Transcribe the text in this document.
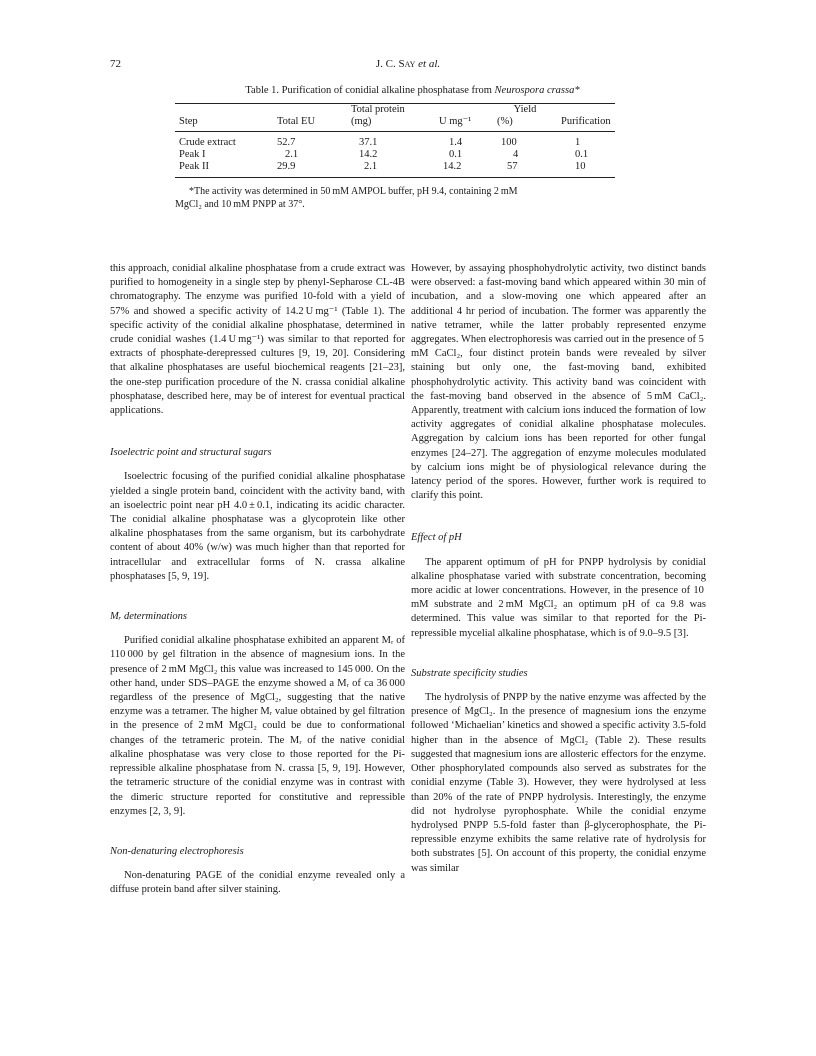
72	J. C. Say et al.
Table 1. Purification of conidial alkaline phosphatase from Neurospora crassa*

		Total protein		Yield	
Step	Total EU	(mg)	U mg⁻¹	(%)	Purification

Crude extract	52.7	37.1	1.4	100	1
Peak I	2.1	14.2	0.1	4	0.1
Peak II	29.9	2.1	14.2	57	10

*The activity was determined in 50 mM AMPOL buffer, pH 9.4, containing 2 mM
MgCl₂ and 10 mM PNPP at 37°.

this approach, conidial alkaline phosphatase from a crude extract was purified to homogeneity in a single step by phenyl-Sepharose CL-4B chromatography. The enzyme was purified 10-fold with a yield of 57% and showed a specific activity of 14.2 U mg⁻¹ (Table 1). The specific activity of the conidial alkaline phosphatase, determined in crude conidial washes (1.4 U mg⁻¹) was similar to that reported for extracts of phosphate-derepressed cultures [9, 19, 20]. Considering that alkaline phosphatases are useful biochemical reagents [21–23], the one-step purification procedure of the N. crassa conidial alkaline phosphatase, described here, may be of interest for eventual practical applications.

Isoelectric point and structural sugars

Isoelectric focusing of the purified conidial alkaline phosphatase yielded a single protein band, coincident with the activity band, with an isoelectric point near pH 4.0 ± 0.1, indicating its acidic character. The conidial alkaline phosphatase was a glycoprotein like other alkaline phosphatases from the same organism, but its carbohydrate content of about 40% (w/w) was much higher than that reported for intracellular and extracellular forms of N. crassa alkaline phosphatases [5, 9, 19].

Mᵣ determinations

Purified conidial alkaline phosphatase exhibited an apparent Mᵣ of 110 000 by gel filtration in the absence of magnesium ions. In the presence of 2 mM MgCl₂ this value was increased to 145 000. On the other hand, under SDS–PAGE the enzyme showed a Mᵣ of ca 36 000 regardless of the presence of MgCl₂, suggesting that the native enzyme was a tetramer. The higher Mᵣ value obtained by gel filtration in the presence of 2 mM MgCl₂ could be due to conformational changes of the tetrameric protein. The Mᵣ of the native conidial alkaline phosphatase was very close to those reported for the Pi-repressible alkaline phosphatase from N. crassa [5, 9, 19]. However, the tetrameric structure of the conidial enzyme was in contrast with the dimeric structure reported for constitutive and repressible enzymes [2, 3, 9].

Non-denaturing electrophoresis

Non-denaturing PAGE of the conidial enzyme revealed only a diffuse protein band after silver staining.

However, by assaying phosphohydrolytic activity, two distinct bands were observed: a fast-moving band which appeared within 30 min of incubation, and a slow-moving one which appeared after an additional 4 hr period of incubation. The former was apparently the native tetramer, while the latter probably represented enzyme aggregates. When electrophoresis was carried out in the presence of 5 mM CaCl₂, four distinct protein bands were revealed by silver staining but only one, the fast-moving band, exhibited phosphohydrolytic activity. This activity band was coincident with the fast-moving band observed in the absence of 5 mM CaCl₂. Apparently, treatment with calcium ions induced the formation of low activity aggregates of conidial alkaline phosphatase molecules. Aggregation by calcium ions has been reported for other fungal enzymes [24–27]. The aggregation of enzyme molecules modulated by calcium ions might be of physiological relevance during the latency period of the spores. However, further work is required to clarify this point.

Effect of pH

The apparent optimum of pH for PNPP hydrolysis by conidial alkaline phosphatase varied with substrate concentration, becoming more acidic at lower concentrations. However, in the presence of 10 mM substrate and 2 mM MgCl₂ an optimum pH of ca 9.8 was determined. This value was similar to that reported for the Pi-repressible mycelial alkaline phosphatase, which is of 9.0–9.5 [3].

Substrate specificity studies

The hydrolysis of PNPP by the native enzyme was affected by the presence of MgCl₂. In the presence of magnesium ions the enzyme followed ‘Michaelian’ kinetics and showed a specific activity 3.5-fold higher than in the absence of MgCl₂ (Table 2). These results suggested that magnesium ions are allosteric effectors for the enzyme. Other phosphorylated compounds also served as substrates for the conidial enzyme (Table 3). However, they were hydrolysed at less than 20% of the rate of PNPP hydrolysis. Interestingly, the enzyme did not hydrolyse pyrophosphate. While the conidial enzyme hydrolysed PNPP 5.5-fold faster than β-glycerophosphate, the Pi-repressible enzyme exhibits the same relative rate of hydrolysis for both substrates [5]. On account of this property, the conidial enzyme was similar
